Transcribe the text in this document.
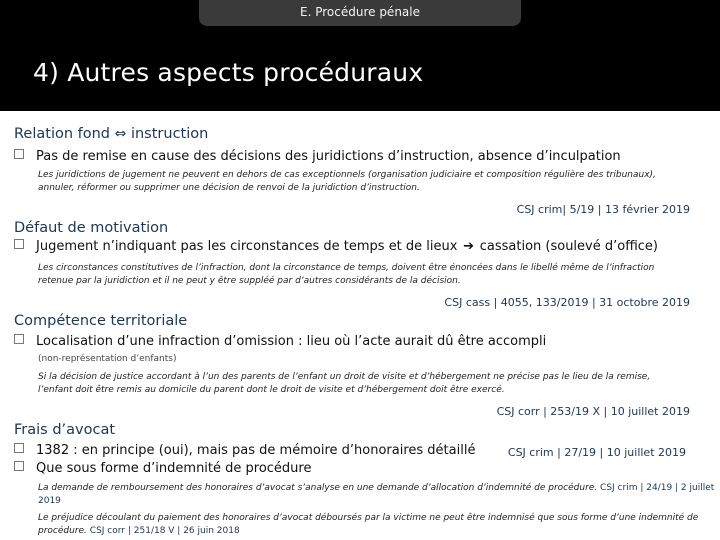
E. Procédure pénale
4) Autres aspects procéduraux
Relation fond ⇔ instruction
Pas de remise en cause des décisions des juridictions d’instruction, absence d’inculpation
Les juridictions de jugement ne peuvent en dehors de cas exceptionnels (organisation judiciaire et composition régulière des tribunaux),
annuler, réformer ou supprimer une décision de renvoi de la juridiction d’instruction.
CSJ crim| 5/19 | 13 février 2019
Défaut de motivation
Jugement n’indiquant pas les circonstances de temps et de lieux ➔ cassation (soulevé d’office)
Les circonstances constitutives de l’infraction, dont la circonstance de temps, doivent être énoncées dans le libellé même de l’infraction
retenue par la juridiction et il ne peut y être suppléé par d’autres considérants de la décision.
CSJ cass | 4055, 133/2019 | 31 octobre 2019
Compétence territoriale
Localisation d’une infraction d’omission : lieu où l’acte aurait dû être accompli
(non-représentation d’enfants)
Si la décision de justice accordant à l’un des parents de l’enfant un droit de visite et d’hébergement ne précise pas le lieu de la remise,
l’enfant doit être remis au domicile du parent dont le droit de visite et d’hébergement doit être exercé.
CSJ corr | 253/19 X | 10 juillet 2019
Frais d’avocat
1382 : en principe (oui), mais pas de mémoire d’honoraires détaillé	CSJ crim | 27/19 | 10 juillet 2019
Que sous forme d’indemnité de procédure
La demande de remboursement des honoraires d’avocat s’analyse en une demande d’allocation d’indemnité de procédure. CSJ crim | 24/19 | 2 juillet
2019
Le préjudice découlant du paiement des honoraires d’avocat déboursés par la victime ne peut être indemnisé que sous forme d’une indemnité de
procédure. CSJ corr | 251/18 V | 26 juin 2018
